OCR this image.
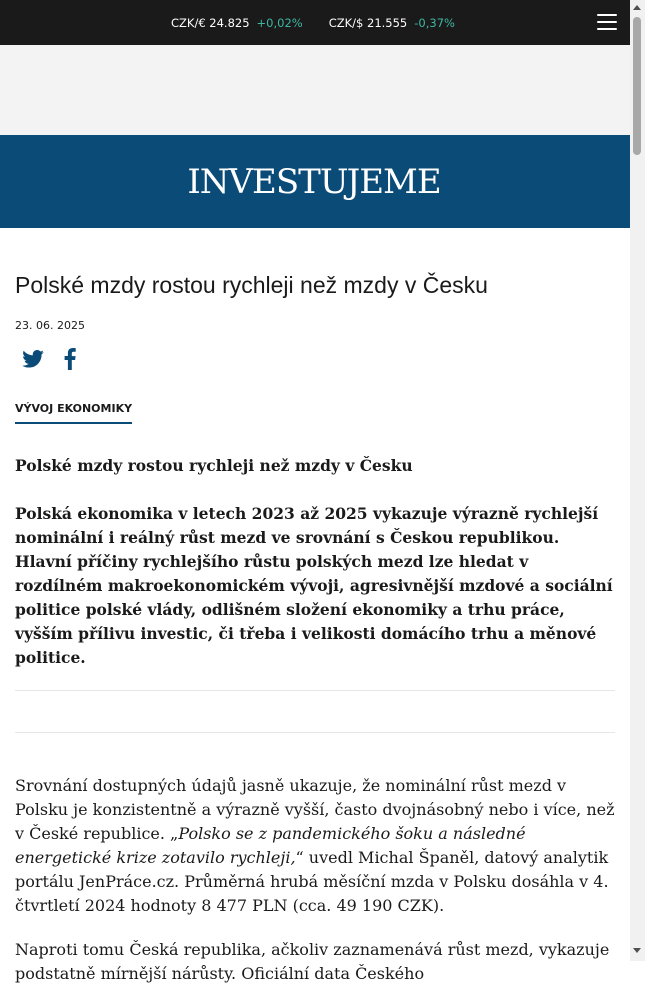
CZK/€ 24.825 +0,02% CZK/$ 21.555 -0,37%
INVESTUJEME
Polské mzdy rostou rychleji než mzdy v Česku
23. 06. 2025
VÝVOJ EKONOMIKY

Polské mzdy rostou rychleji než mzdy v Česku

Polská ekonomika v letech 2023 až 2025 vykazuje výrazně rychlejší nominální i reálný růst mezd ve srovnání s Českou republikou. Hlavní příčiny rychlejšího růstu polských mezd lze hledat v rozdílném makroekonomickém vývoji, agresivnější mzdové a sociální politice polské vlády, odlišném složení ekonomiky a trhu práce, vyšším přílivu investic, či třeba i velikosti domácího trhu a měnové politice.

Srovnání dostupných údajů jasně ukazuje, že nominální růst mezd v Polsku je konzistentně a výrazně vyšší, často dvojnásobný nebo i více, než v České republice. „Polsko se z pandemického šoku a následné energetické krize zotavilo rychleji,“ uvedl Michal Španěl, datový analytik portálu JenPráce.cz. Průměrná hrubá měsíční mzda v Polsku dosáhla v 4. čtvrtletí 2024 hodnoty 8 477 PLN (cca. 49 190 CZK).

Naproti tomu Česká republika, ačkoliv zaznamenává růst mezd, vykazuje podstatně mírnější nárůsty. Oficiální data Českého
